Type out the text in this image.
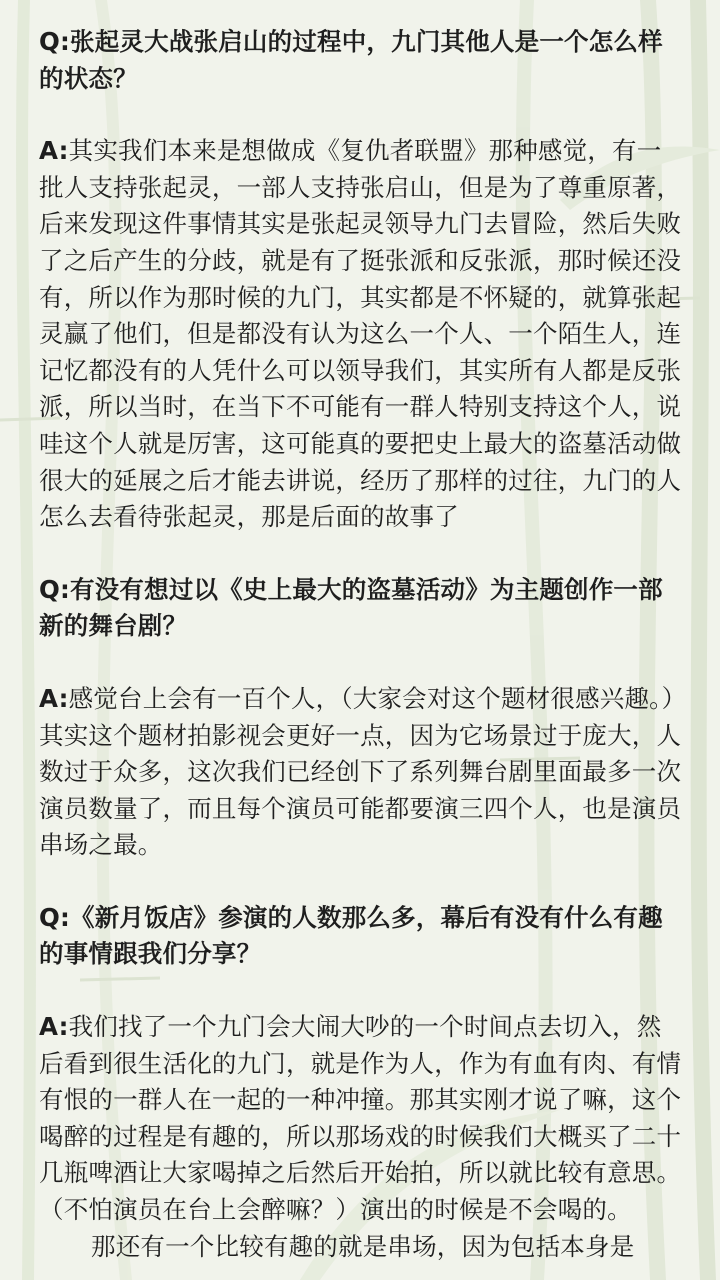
Q:张起灵大战张启山的过程中，九门其他人是一个怎么样的状态？

A:其实我们本来是想做成《复仇者联盟》那种感觉，有一批人支持张起灵，一部人支持张启山，但是为了尊重原著，后来发现这件事情其实是张起灵领导九门去冒险，然后失败了之后产生的分歧，就是有了挺张派和反张派，那时候还没有，所以作为那时候的九门，其实都是不怀疑的，就算张起灵赢了他们，但是都没有认为这么一个人、一个陌生人，连记忆都没有的人凭什么可以领导我们，其实所有人都是反张派，所以当时，在当下不可能有一群人特别支持这个人，说哇这个人就是厉害，这可能真的要把史上最大的盗墓活动做很大的延展之后才能去讲说，经历了那样的过往，九门的人怎么去看待张起灵，那是后面的故事了

Q:有没有想过以《史上最大的盗墓活动》为主题创作一部新的舞台剧？

A:感觉台上会有一百个人，（大家会对这个题材很感兴趣。）其实这个题材拍影视会更好一点，因为它场景过于庞大，人数过于众多，这次我们已经创下了系列舞台剧里面最多一次演员数量了，而且每个演员可能都要演三四个人，也是演员串场之最。

Q:《新月饭店》参演的人数那么多，幕后有没有什么有趣的事情跟我们分享？

A:我们找了一个九门会大闹大吵的一个时间点去切入，然后看到很生活化的九门，就是作为人，作为有血有肉、有情有恨的一群人在一起的一种冲撞。那其实刚才说了嘛，这个喝醉的过程是有趣的，所以那场戏的时候我们大概买了二十几瓶啤酒让大家喝掉之后然后开始拍，所以就比较有意思。（不怕演员在台上会醉嘛？）演出的时候是不会喝的。

那还有一个比较有趣的就是串场，因为包括本身是
